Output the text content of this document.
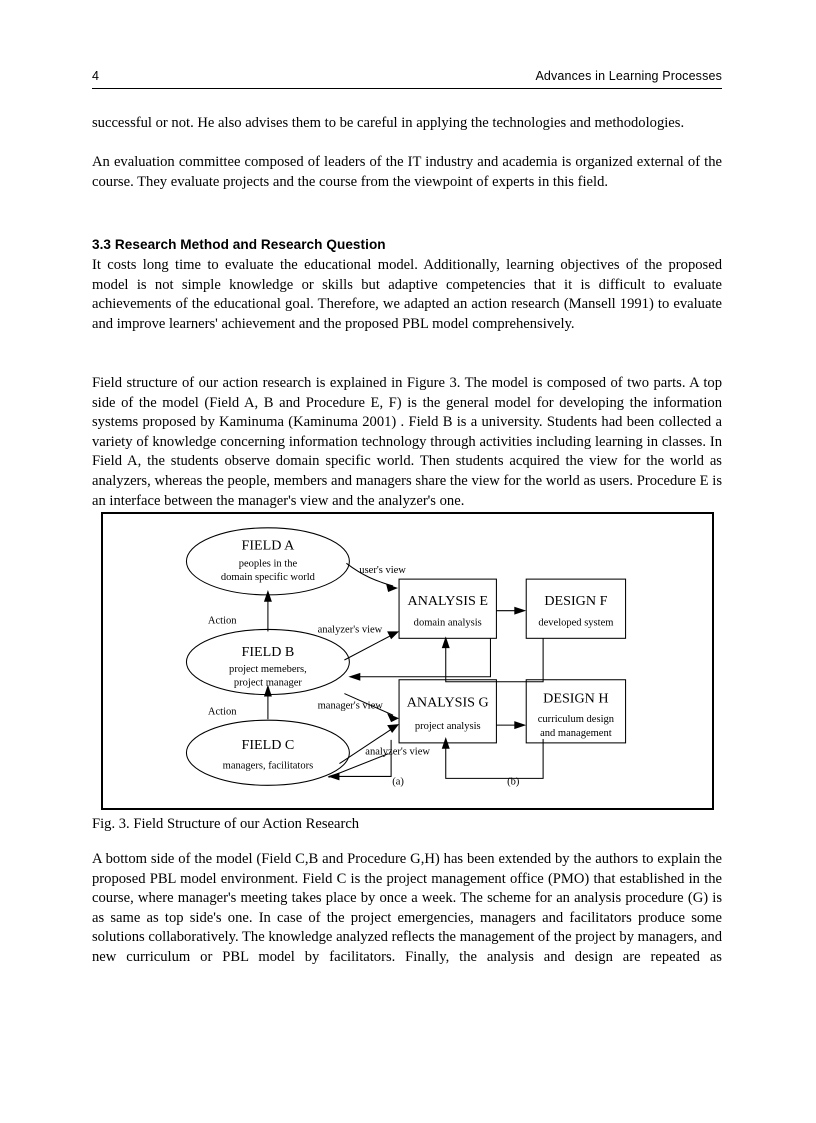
4	Advances in Learning Processes

successful or not. He also advises them to be careful in applying the technologies and methodologies.

An evaluation committee composed of leaders of the IT industry and academia is organized external of the course. They evaluate projects and the course from the viewpoint of experts in this field.

3.3 Research Method and Research Question

It costs long time to evaluate the educational model. Additionally, learning objectives of the proposed model is not simple knowledge or skills but adaptive competencies that it is difficult to evaluate achievements of the educational goal. Therefore, we adapted an action research (Mansell 1991) to evaluate and improve learners' achievement and the proposed PBL model comprehensively.

Field structure of our action research is explained in Figure 3. The model is composed of two parts. A top side of the model (Field A, B and Procedure E, F) is the general model for developing the information systems proposed by Kaminuma (Kaminuma 2001) . Field B is a university. Students had been collected a variety of knowledge concerning information technology through activities including learning in classes. In Field A, the students observe domain specific world. Then students acquired the view for the world as analyzers, whereas the people, members and managers share the view for the world as users. Procedure E is an interface between the manager's view and the analyzer's one.

FIELD A
peoples in the
domain specific world
FIELD B
project memebers,
project manager
FIELD C
managers, facilitators
ANALYSIS E
domain analysis
DESIGN F
developed system
ANALYSIS G
project analysis
DESIGN H
curriculum design
and management
user's view
analyzer's view
Action
manager's view
Action
analyzer's view
(a)	(b)
Fig. 3. Field Structure of our Action Research

A bottom side of the model (Field C,B and Procedure G,H) has been extended by the authors to explain the proposed PBL model environment. Field C is the project management office (PMO) that established in the course, where manager's meeting takes place by once a week. The scheme for an analysis procedure (G) is as same as top side's one. In case of the project emergencies, managers and facilitators produce some solutions collaboratively. The knowledge analyzed reflects the management of the project by managers, and new curriculum or PBL model by facilitators. Finally, the analysis and design are repeated as
